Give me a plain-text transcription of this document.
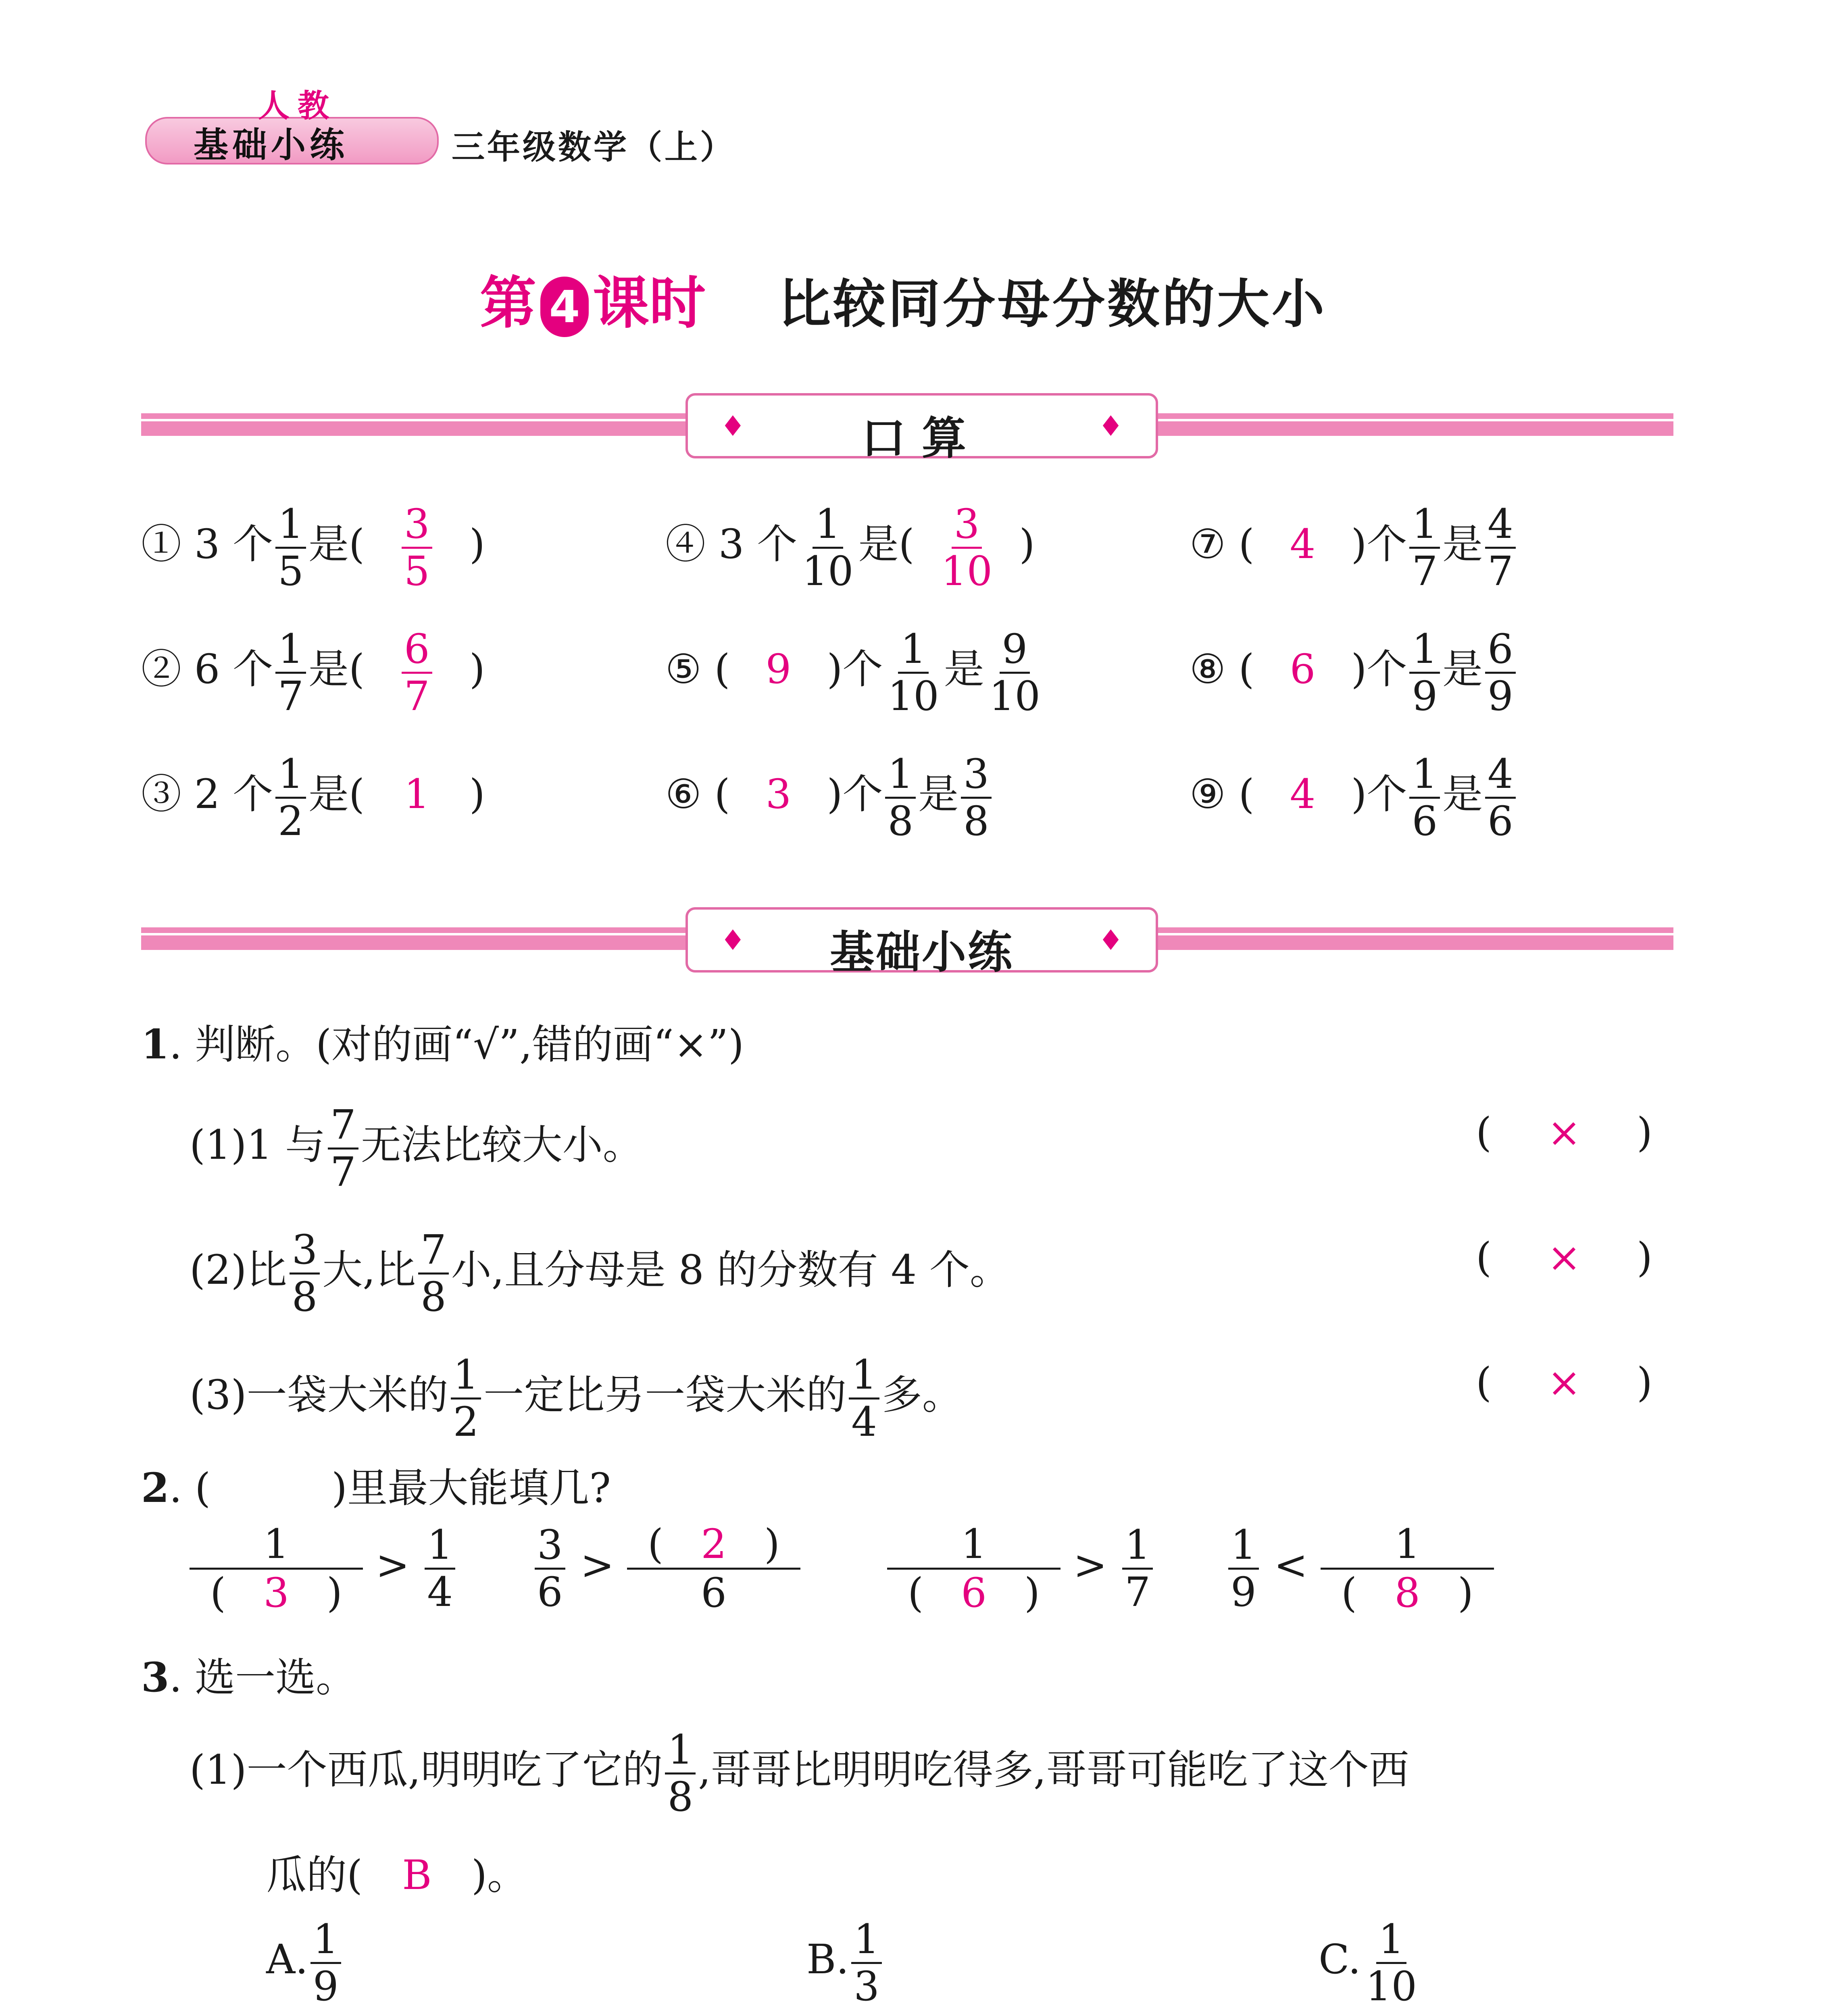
人教
基础小练	三年级数学（上）
第 4 课时 比较同分母分数的大小
♦	口算	♦
① 3 个 $\frac{1}{5}$ 是( $\frac{3}{5}$ )	④ 3 个 $\frac{1}{10}$ 是( $\frac{3}{10}$ )	⑦ ( 4 )个 $\frac{1}{7}$ 是 $\frac{4}{7}$
② 6 个 $\frac{1}{7}$ 是( $\frac{6}{7}$ )	⑤ ( 9 )个 $\frac{1}{10}$ 是 $\frac{9}{10}$	⑧ ( 6 )个 $\frac{1}{9}$ 是 $\frac{6}{9}$
③ 2 个 $\frac{1}{2}$ 是( 1 )	⑥ ( 3 )个 $\frac{1}{8}$ 是 $\frac{3}{8}$	⑨ ( 4 )个 $\frac{1}{6}$ 是 $\frac{4}{6}$
♦	基础小练	♦
1. 判断。(对的画“√”,错的画“×”)
(1)1 与 $\frac{7}{7}$ 无法比较大小。	( × )
(2)比 $\frac{3}{8}$ 大,比 $\frac{7}{8}$ 小,且分母是 8 的分数有 4 个。	( × )
(3)一袋大米的 $\frac{1}{2}$ 一定比另一袋大米的 $\frac{1}{4}$ 多。	( × )
2. (　　　)里最大能填几?
$\frac{1}{( 3 )} > \frac{1}{4} \frac{3}{6} > \frac{( 2 )}{6} \frac{1}{( 6 )} > \frac{1}{7} \frac{1}{9} < \frac{1}{( 8 )}$
3. 选一选。
(1)一个西瓜,明明吃了它的 $\frac{1}{8}$ ,哥哥比明明吃得多,哥哥可能吃了这个西
瓜的( B )。
A. $\frac{1}{9}$	B. $\frac{1}{3}$	C. $\frac{1}{10}$
